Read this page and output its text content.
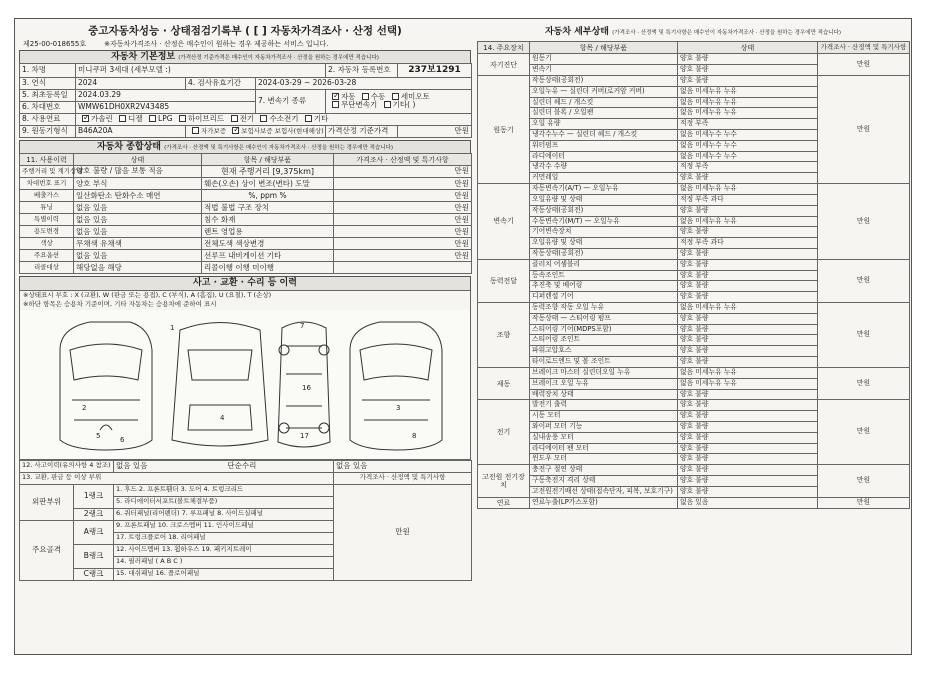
중고자동차성능 · 상태점검기록부 ( [ ] 자동차가격조사 · 산정 선택)
제25-00-018655호	※자동차가격조사 · 산정은 매수인이 원하는 경우 제공하는 서비스 입니다.
자동차 기본정보 (가격산정 기준가격은 매수인이 자동차가격조사 · 산정을 원하는 경우에만 적습니다)
1. 차명	미니쿠퍼 3세대 (세부모델 :)			2. 자동차 등록번호	237보1291
3. 연식	2024	4. 검사유효기간	2024-03-29 ~ 2026-03-28		
5. 최초등록일	2024.03.29		7. 변속기 종류	✓자동 수동 세미오토
무단변속기 기타( )
6. 차대번호	WMW61DH0XR2V43485				
8. 사용연료	✓가솔린 디젤 LPG 하이브리드 전기 수소전기 기타
9. 원동기형식	B46A20A	자가보증 ✓ 보험사보증 보험사(현대해상)		가격산정 기준가격	만원
자동차 종합상태 (가격조사 · 산정액 및 특기사항은 매수인이 자동차가격조사 · 산정을 원하는 경우에만 적습니다)
11. 사용이력	상태	항목 / 해당부품	가격조사 · 산정액 및 특기사항
주행거리 및 계기상태	양호 불량 / 많음 보통 적음	현재 주행거리 [9,375km]	만원
차대번호 표기	양호 부식	훼손(오손) 상이 변조(변타) 도말	만원
배출가스	일산화탄소 탄화수소 매연	%, ppm %	만원
튜닝	없음 있음	적법 불법 구조 장치	만원
특별이력	없음 있음	침수 화재	만원
용도변경	없음 있음	렌트 영업용	만원
색상	무채색 유채색	전체도색 색상변경	만원
주요옵션	없음 있음	선루프 내비게이션 기타	만원
리콜대상	해당없음 해당	리콜이행 이행 미이행	
사고 · 교환 · 수리 등 이력
※상태표시 부호 : X (교환), W (판금 또는 용접), C (부식), A (흠집), U (요철), T (손상)
※하단 항목은 승용차 기준이며, 기타 자동차는 승용차에 준하여 표시
1
2	3
4
5	6
7
8
16
17
12. 사고이력(유의사항 4 참조)		없음 있음 단순수리	없음 있음
13. 교환, 판금 등 이상 부위			가격조사 · 산정액 및 특기사항
외판부위	1랭크	1. 후드 2. 프론트휀더 3. 도어 4. 트렁크리드	만원
		5. 라디에이터서포트(볼트체결부품)	
	2랭크	6. 쿼터패널(리어펜더) 7. 루프패널 8. 사이드실패널	
주요골격	A랭크	9. 프론트패널 10. 크로스멤버 11. 인사이드패널	
		17. 트렁크플로어 18. 리어패널	
	B랭크	12. 사이드멤버 13. 휠하우스 19. 패키지트레이	
		14. 필러패널 ( A B C )	
	C랭크	15. 대쉬패널 16. 플로어패널	
자동차 세부상태 (가격조사 · 산정액 및 특기사항은 매수인이 자동차가격조사 · 산정을 원하는 경우에만 적습니다)
14. 주요장치	항목 / 해당부품	상태	가격조사 · 산정액 및 특기사항
자기진단	원동기	양호 불량	만원
	변속기	양호 불량	
원동기	작동상태(공회전)	양호 불량	만원
	오일누유 — 실린더 커버(로커암 커버)	없음 미세누유 누유	
	실린더 헤드 / 개스킷	없음 미세누유 누유	
	실린더 블록 / 오일팬	없음 미세누유 누유	
	오일 유량	적정 부족	
	냉각수누수 — 실린더 헤드 / 개스킷	없음 미세누수 누수	
	워터펌프	없음 미세누수 누수	
	라디에이터	없음 미세누수 누수	
	냉각수 수량	적정 부족	
	커먼레일	양호 불량	
변속기	자동변속기(A/T) — 오일누유	없음 미세누유 누유	만원
	오일유량 및 상태	적정 부족 과다	
	작동상태(공회전)	양호 불량	
	수동변속기(M/T) — 오일누유	없음 미세누유 누유	
	기어변속장치	양호 불량	
	오일유량 및 상태	적정 부족 과다	
	작동상태(공회전)	양호 불량	
동력전달	클러치 어셈블리	양호 불량	만원
	등속조인트	양호 불량	
	추진축 및 베어링	양호 불량	
	디퍼렌셜 기어	양호 불량	
조향	동력조향 작동 오일 누유	없음 미세누유 누유	만원
	작동상태 — 스티어링 펌프	양호 불량	
	스티어링 기어(MDPS포함)	양호 불량	
	스티어링 조인트	양호 불량	
	파워고압호스	양호 불량	
	타이로드엔드 및 볼 조인트	양호 불량	
제동	브레이크 마스터 실린더오일 누유	없음 미세누유 누유	만원
	브레이크 오일 누유	없음 미세누유 누유	
	배력장치 상태	양호 불량	
전기	발전기 출력	양호 불량	만원
	시동 모터	양호 불량	
	와이퍼 모터 기능	양호 불량	
	실내송풍 모터	양호 불량	
	라디에이터 팬 모터	양호 불량	
	윈도우 모터	양호 불량	
고전원 전기장치	충전구 절연 상태	양호 불량	만원
	구동축전지 격리 상태	양호 불량	
	고전원전기배선 상태(접속단자, 피복, 보호기구)	양호 불량	
연료	연료누출(LP가스포함)	없음 있음	만원
